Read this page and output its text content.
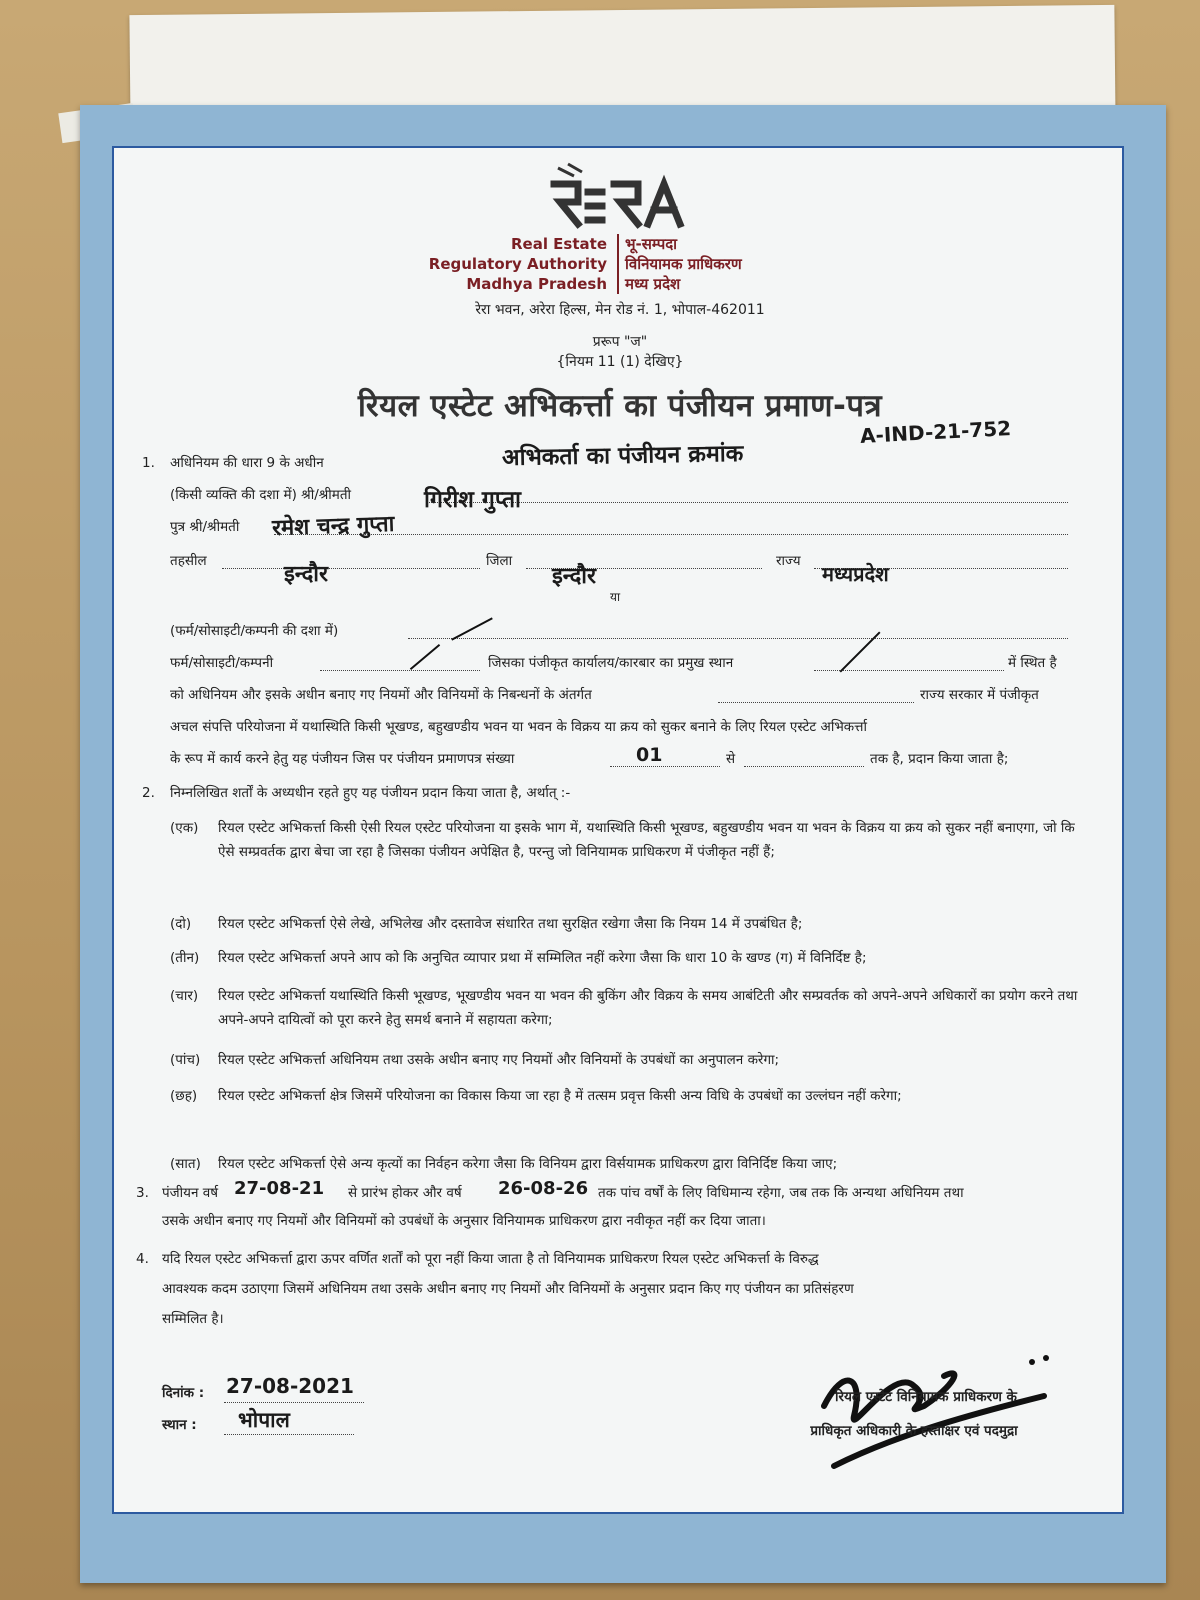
RERA
Real Estate
Regulatory Authority
Madhya Pradesh
भू-सम्पदा
विनियामक प्राधिकरण
मध्य प्रदेश
रेरा भवन, अरेरा हिल्स, मेन रोड नं. 1, भोपाल-462011
प्ररूप "ज"
{नियम 11 (1) देखिए}
रियल एस्टेट अभिकर्त्ता का पंजीयन प्रमाण-पत्र
1. अधिनियम की धारा 9 के अधीन	अभिकर्ता का पंजीयन क्रमांक
A-IND-21-752
(किसी व्यक्ति की दशा में) श्री/श्रीमती	गिरीश गुप्ता
पुत्र श्री/श्रीमती रमेश चन्द्र गुप्ता
तहसील	जिला	राज्य
इन्दौर	इन्दौर	मध्यप्रदेश
या
(फर्म/सोसाइटी/कम्पनी की दशा में)
फर्म/सोसाइटी/कम्पनी	जिसका पंजीकृत कार्यालय/कारबार का प्रमुख स्थान	में स्थित है
को अधिनियम और इसके अधीन बनाए गए नियमों और विनियमों के निबन्धनों के अंतर्गत	राज्य सरकार में पंजीकृत
अचल संपत्ति परियोजना में यथास्थिति किसी भूखण्ड, बहुखण्डीय भवन या भवन के विक्रय या क्रय को सुकर बनाने के लिए रियल एस्टेट अभिकर्त्ता
के रूप में कार्य करने हेतु यह पंजीयन जिस पर पंजीयन प्रमाणपत्र संख्या	01	से	तक है, प्रदान किया जाता है;
2. निम्नलिखित शर्तों के अध्यधीन रहते हुए यह पंजीयन प्रदान किया जाता है, अर्थात् :-
(एक) रियल एस्टेट अभिकर्त्ता किसी ऐसी रियल एस्टेट परियोजना या इसके भाग में, यथास्थिति किसी भूखण्ड, बहुखण्डीय भवन या भवन के विक्रय या क्रय को सुकर नहीं बनाएगा, जो कि ऐसे सम्प्रवर्तक द्वारा बेचा जा रहा है जिसका पंजीयन अपेक्षित है, परन्तु जो विनियामक प्राधिकरण में पंजीकृत नहीं हैं;
(दो) रियल एस्टेट अभिकर्त्ता ऐसे लेखे, अभिलेख और दस्तावेज संधारित तथा सुरक्षित रखेगा जैसा कि नियम 14 में उपबंधित है;
(तीन) रियल एस्टेट अभिकर्त्ता अपने आप को कि अनुचित व्यापार प्रथा में सम्मिलित नहीं करेगा जैसा कि धारा 10 के खण्ड (ग) में विनिर्दिष्ट है;
(चार) रियल एस्टेट अभिकर्त्ता यथास्थिति किसी भूखण्ड, भूखण्डीय भवन या भवन की बुकिंग और विक्रय के समय आबंटिती और सम्प्रवर्तक को अपने-अपने अधिकारों का प्रयोग करने तथा अपने-अपने दायित्वों को पूरा करने हेतु समर्थ बनाने में सहायता करेगा;
(पांच) रियल एस्टेट अभिकर्त्ता अधिनियम तथा उसके अधीन बनाए गए नियमों और विनियमों के उपबंधों का अनुपालन करेगा;
(छह) रियल एस्टेट अभिकर्त्ता क्षेत्र जिसमें परियोजना का विकास किया जा रहा है में तत्सम प्रवृत्त किसी अन्य विधि के उपबंधों का उल्लंघन नहीं करेगा;
(सात) रियल एस्टेट अभिकर्त्ता ऐसे अन्य कृत्यों का निर्वहन करेगा जैसा कि विनियम द्वारा विर्सयामक प्राधिकरण द्वारा विनिर्दिष्ट किया जाए;
3. पंजीयन वर्ष 27-08-21 से प्रारंभ होकर और वर्ष 26-08-26 तक पांच वर्षों के लिए विधिमान्य रहेगा, जब तक कि अन्यथा अधिनियम तथा
उसके अधीन बनाए गए नियमों और विनियमों को उपबंधों के अनुसार विनियामक प्राधिकरण द्वारा नवीकृत नहीं कर दिया जाता।
4. यदि रियल एस्टेट अभिकर्त्ता द्वारा ऊपर वर्णित शर्तों को पूरा नहीं किया जाता है तो विनियामक प्राधिकरण रियल एस्टेट अभिकर्त्ता के विरुद्ध
आवश्यक कदम उठाएगा जिसमें अधिनियम तथा उसके अधीन बनाए गए नियमों और विनियमों के अनुसार प्रदान किए गए पंजीयन का प्रतिसंहरण
सम्मिलित है।
दिनांक : 27-08-2021
स्थान : भोपाल
रियल एस्टेट विनियामक प्राधिकरण के
प्राधिकृत अधिकारी के हस्ताक्षर एवं पदमुद्रा
